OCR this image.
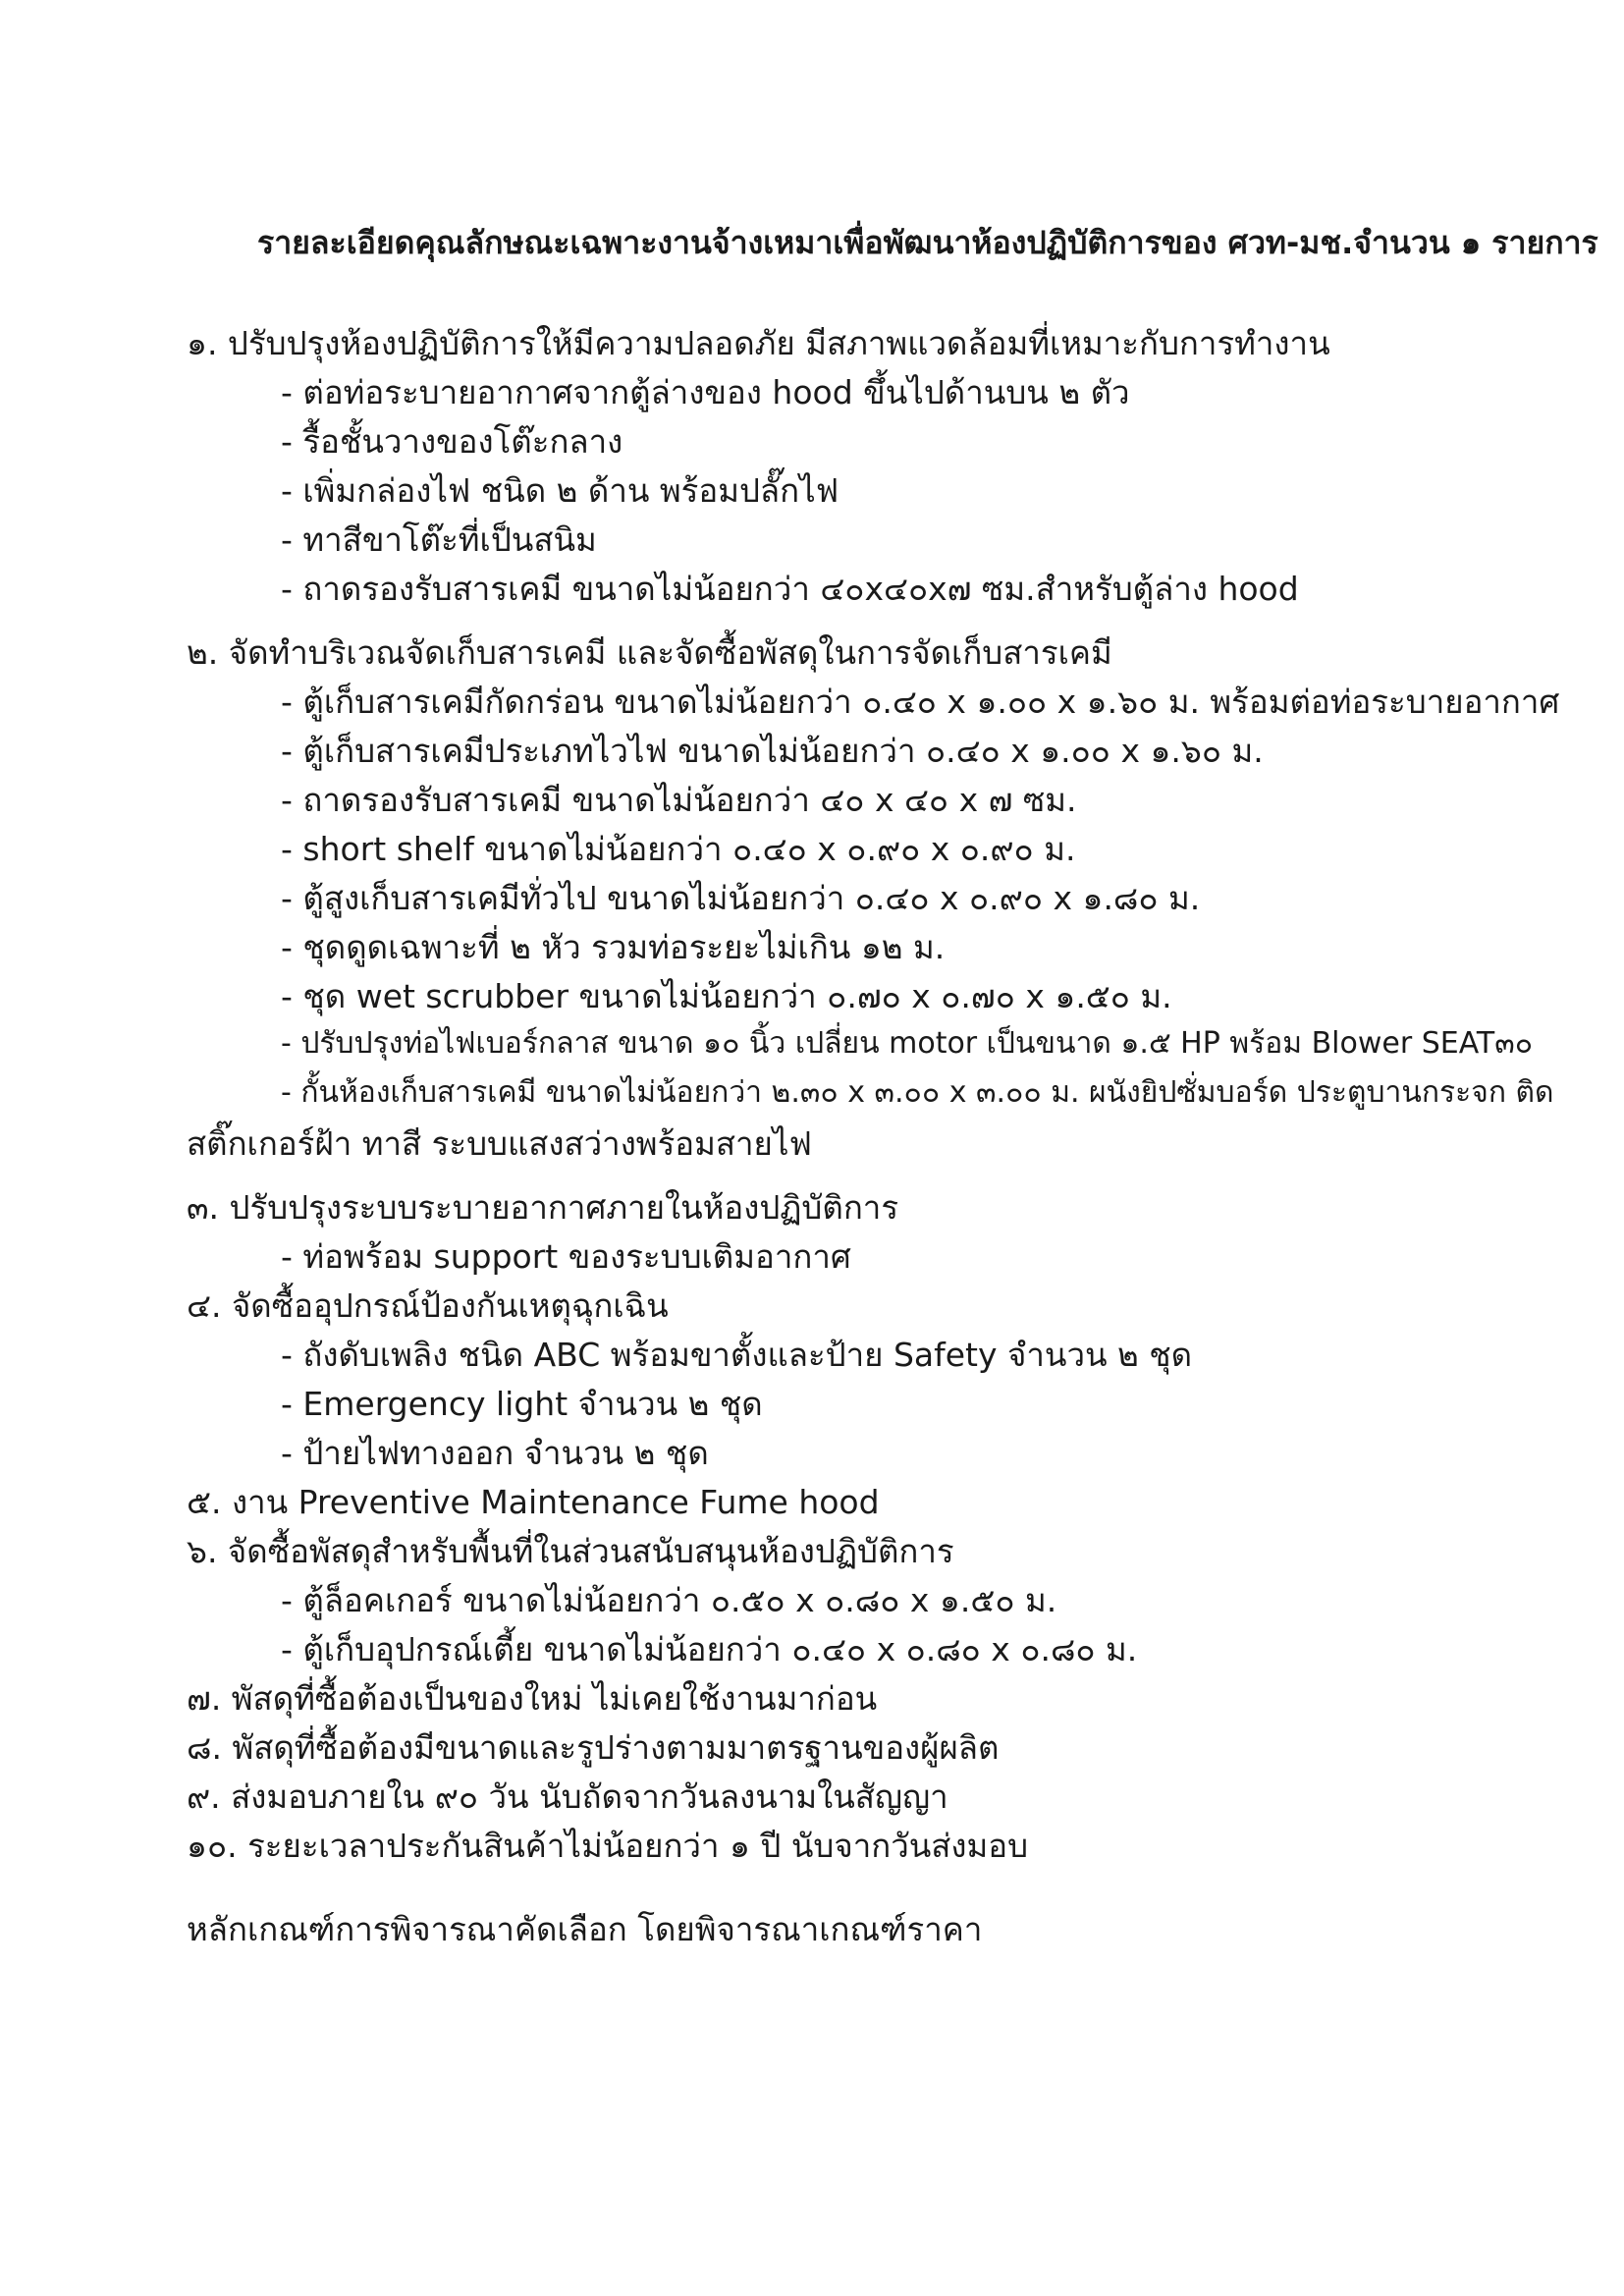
รายละเอียดคุณลักษณะเฉพาะงานจ้างเหมาเพื่อพัฒนาห้องปฏิบัติการของ ศวท-มช.จำนวน ๑ รายการ
๑. ปรับปรุงห้องปฏิบัติการให้มีความปลอดภัย มีสภาพแวดล้อมที่เหมาะกับการทำงาน
- ต่อท่อระบายอากาศจากตู้ล่างของ hood ขึ้นไปด้านบน ๒ ตัว
- รื้อชั้นวางของโต๊ะกลาง
- เพิ่มกล่องไฟ ชนิด ๒ ด้าน พร้อมปลั๊กไฟ
- ทาสีขาโต๊ะที่เป็นสนิม
- ถาดรองรับสารเคมี ขนาดไม่น้อยกว่า ๔๐x๔๐x๗ ซม.สำหรับตู้ล่าง hood
๒. จัดทำบริเวณจัดเก็บสารเคมี และจัดซื้อพัสดุในการจัดเก็บสารเคมี
- ตู้เก็บสารเคมีกัดกร่อน ขนาดไม่น้อยกว่า ๐.๔๐ x ๑.๐๐ x ๑.๖๐ ม. พร้อมต่อท่อระบายอากาศ
- ตู้เก็บสารเคมีประเภทไวไฟ ขนาดไม่น้อยกว่า ๐.๔๐ x ๑.๐๐ x ๑.๖๐ ม.
- ถาดรองรับสารเคมี ขนาดไม่น้อยกว่า ๔๐ x ๔๐ x ๗ ซม.
- short shelf ขนาดไม่น้อยกว่า ๐.๔๐ x ๐.๙๐ x ๐.๙๐ ม.
- ตู้สูงเก็บสารเคมีทั่วไป ขนาดไม่น้อยกว่า ๐.๔๐ x ๐.๙๐ x ๑.๘๐ ม.
- ชุดดูดเฉพาะที่ ๒ หัว รวมท่อระยะไม่เกิน ๑๒ ม.
- ชุด wet scrubber ขนาดไม่น้อยกว่า ๐.๗๐ x ๐.๗๐ x ๑.๕๐ ม.
- ปรับปรุงท่อไฟเบอร์กลาส ขนาด ๑๐ นิ้ว เปลี่ยน motor เป็นขนาด ๑.๕ HP พร้อม Blower SEAT๓๐
- กั้นห้องเก็บสารเคมี ขนาดไม่น้อยกว่า ๒.๓๐ x ๓.๐๐ x ๓.๐๐ ม. ผนังยิปซั่มบอร์ด ประตูบานกระจก ติด
สติ๊กเกอร์ฝ้า ทาสี ระบบแสงสว่างพร้อมสายไฟ
๓. ปรับปรุงระบบระบายอากาศภายในห้องปฏิบัติการ
- ท่อพร้อม support ของระบบเติมอากาศ
๔. จัดซื้ออุปกรณ์ป้องกันเหตุฉุกเฉิน
- ถังดับเพลิง ชนิด ABC พร้อมขาตั้งและป้าย Safety จำนวน ๒ ชุด
- Emergency light จำนวน ๒ ชุด
- ป้ายไฟทางออก จำนวน ๒ ชุด
๕. งาน Preventive Maintenance Fume hood
๖. จัดซื้อพัสดุสำหรับพื้นที่ในส่วนสนับสนุนห้องปฏิบัติการ
- ตู้ล็อคเกอร์ ขนาดไม่น้อยกว่า ๐.๕๐ x ๐.๘๐ x ๑.๕๐ ม.
- ตู้เก็บอุปกรณ์เตี้ย ขนาดไม่น้อยกว่า ๐.๔๐ x ๐.๘๐ x ๐.๘๐ ม.
๗. พัสดุที่ซื้อต้องเป็นของใหม่ ไม่เคยใช้งานมาก่อน
๘. พัสดุที่ซื้อต้องมีขนาดและรูปร่างตามมาตรฐานของผู้ผลิต
๙. ส่งมอบภายใน ๙๐ วัน นับถัดจากวันลงนามในสัญญา
๑๐. ระยะเวลาประกันสินค้าไม่น้อยกว่า ๑ ปี นับจากวันส่งมอบ
หลักเกณฑ์การพิจารณาคัดเลือก โดยพิจารณาเกณฑ์ราคา
